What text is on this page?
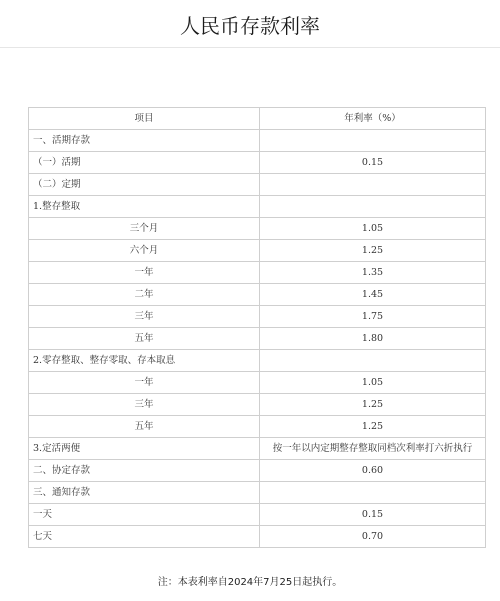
人民币存款利率
项目	年利率（%）
一、活期存款	
（一）活期	0.15
（二）定期	
1.整存整取	
三个月	1.05
六个月	1.25
一年	1.35
二年	1.45
三年	1.75
五年	1.80
2.零存整取、整存零取、存本取息	
一年	1.05
三年	1.25
五年	1.25
3.定活两便	按一年以内定期整存整取同档次利率打六折执行
二、协定存款	0.60
三、通知存款	
一天	0.15
七天	0.70
注：本表利率自2024年7月25日起执行。
